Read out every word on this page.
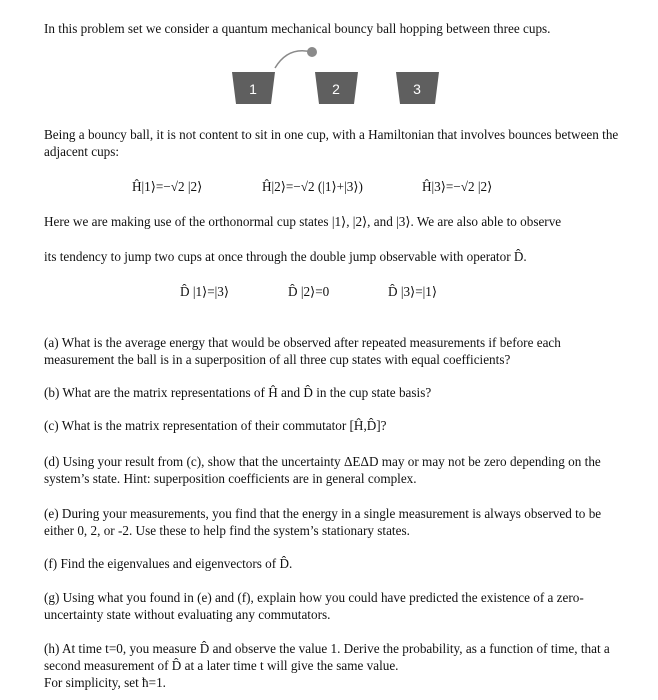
In this problem set we consider a quantum mechanical bouncy ball hopping between three cups.

1	2	3

Being a bouncy ball, it is not content to sit in one cup, with a Hamiltonian that involves bounces between the adjacent cups:

Ĥ|1⟩=−√2 |2⟩	Ĥ|2⟩=−√2 (|1⟩+|3⟩)	Ĥ|3⟩=−√2 |2⟩

Here we are making use of the orthonormal cup states |1⟩, |2⟩, and |3⟩. We are also able to observe

its tendency to jump two cups at once through the double jump observable with operator D̂.

D̂ |1⟩=|3⟩	D̂ |2⟩=0	D̂ |3⟩=|1⟩

(a) What is the average energy that would be observed after repeated measurements if before each measurement the ball is in a superposition of all three cup states with equal coefficients?

(b) What are the matrix representations of Ĥ and D̂ in the cup state basis?

(c) What is the matrix representation of their commutator [Ĥ,D̂]?

(d) Using your result from (c), show that the uncertainty ΔEΔD may or may not be zero depending on the system’s state. Hint: superposition coefficients are in general complex.

(e) During your measurements, you find that the energy in a single measurement is always observed to be either 0, 2, or -2. Use these to help find the system’s stationary states.

(f) Find the eigenvalues and eigenvectors of D̂.

(g) Using what you found in (e) and (f), explain how you could have predicted the existence of a zero-uncertainty state without evaluating any commutators.

(h) At time t=0, you measure D̂ and observe the value 1. Derive the probability, as a function of time, that a second measurement of D̂ at a later time t will give the same value.

For simplicity, set ħ=1.
